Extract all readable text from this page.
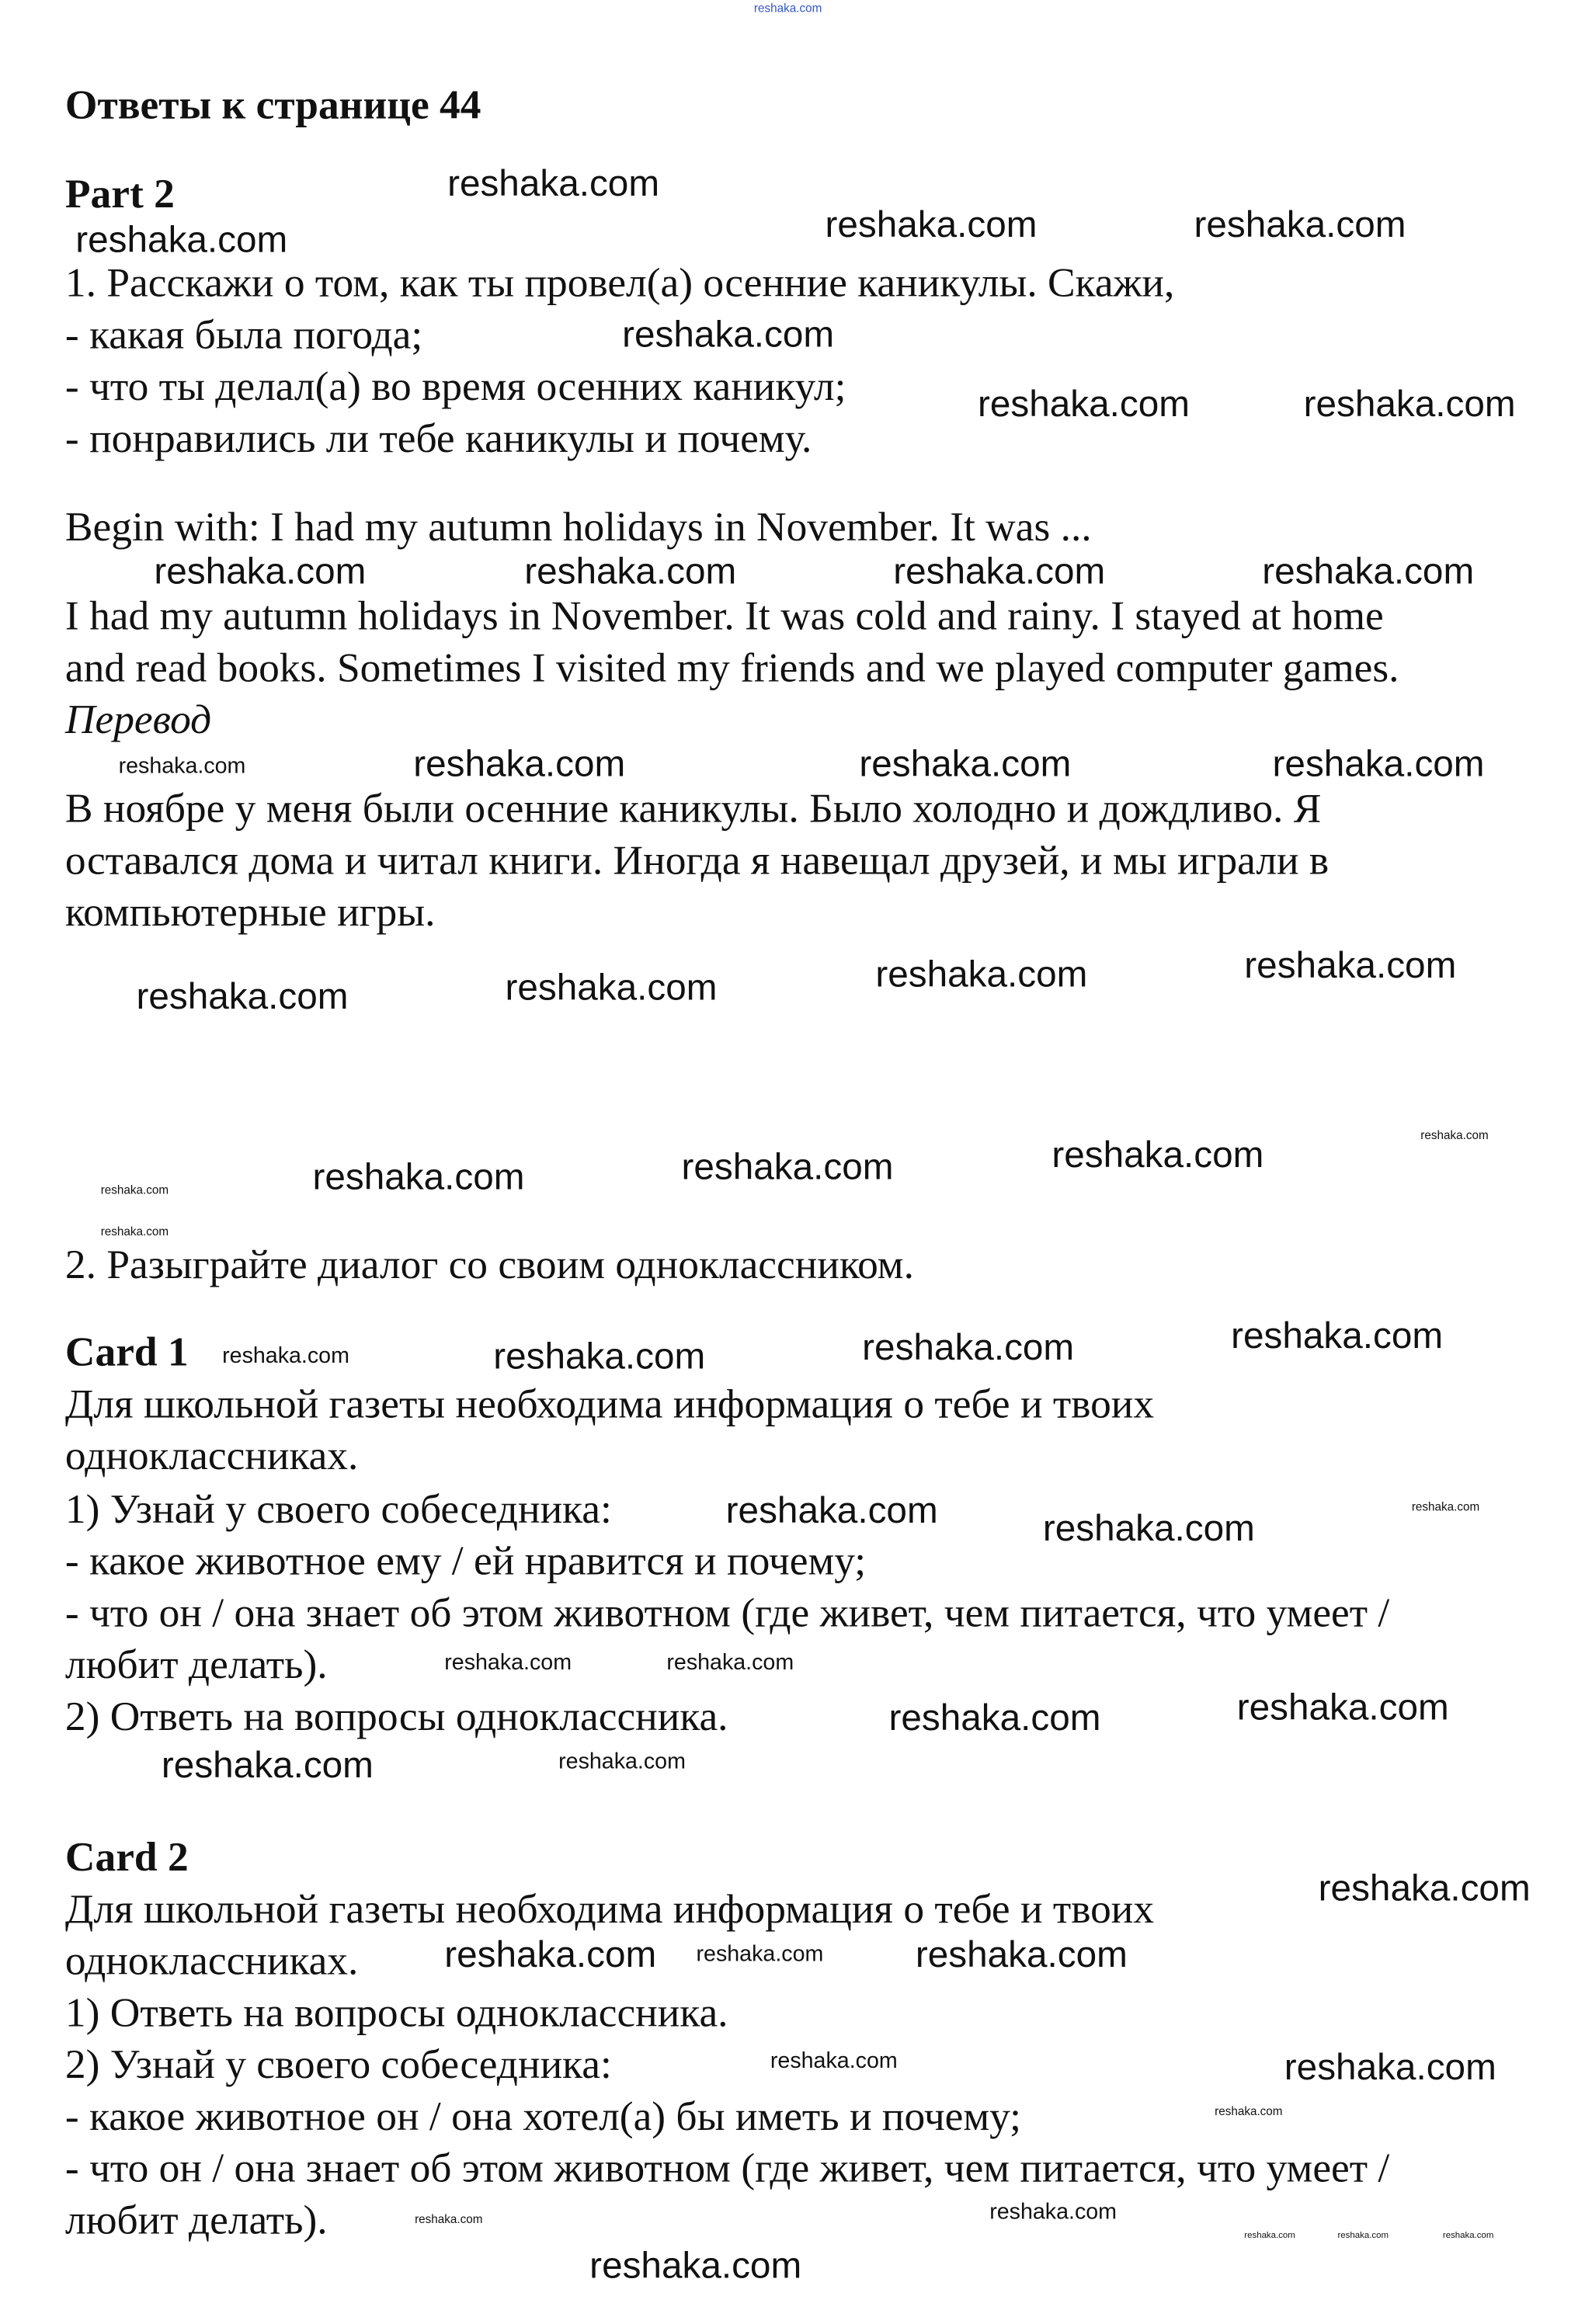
Ответы к странице 44
Part 2
1. Расскажи о том, как ты провел(а) осенние каникулы. Скажи,
- какая была погода;
- что ты делал(а) во время осенних каникул;
- понравились ли тебе каникулы и почему.
Begin with: I had my autumn holidays in November. It was ...
I had my autumn holidays in November. It was cold and rainy. I stayed at home
and read books. Sometimes I visited my friends and we played computer games.
Перевод
В ноябре у меня были осенние каникулы. Было холодно и дождливо. Я
оставался дома и читал книги. Иногда я навещал друзей, и мы играли в
компьютерные игры.
2. Разыграйте диалог со своим одноклассником.
Card 1
Для школьной газеты необходима информация о тебе и твоих
одноклассниках.
1) Узнай у своего собеседника:
- какое животное ему / ей нравится и почему;
- что он / она знает об этом животном (где живет, чем питается, что умеет /
любит делать).
2) Ответь на вопросы одноклассника.
Card 2
Для школьной газеты необходима информация о тебе и твоих
одноклассниках.
1) Ответь на вопросы одноклассника.
2) Узнай у своего собеседника:
- какое животное он / она хотел(а) бы иметь и почему;
- что он / она знает об этом животном (где живет, чем питается, что умеет /
любит делать).
reshaka.com
reshaka.com
reshaka.com	reshaka.com
reshaka.com
reshaka.com
reshaka.com	reshaka.com
reshaka.com	reshaka.com	reshaka.com	reshaka.com
reshaka.com	reshaka.com	reshaka.com	reshaka.com
reshaka.com	reshaka.com	reshaka.com	reshaka.com
reshaka.com
reshaka.com	reshaka.com	reshaka.com
reshaka.com
reshaka.com
reshaka.com	reshaka.com	reshaka.com	reshaka.com
reshaka.com	reshaka.com
reshaka.com	reshaka.com
reshaka.com
reshaka.com	reshaka.com
reshaka.com	reshaka.com
reshaka.com
reshaka.com
reshaka.com	reshaka.com
reshaka.com
reshaka.com
reshaka.com
reshaka.com
reshaka.com
reshaka.com
reshaka.com	reshaka.com	reshaka.com
